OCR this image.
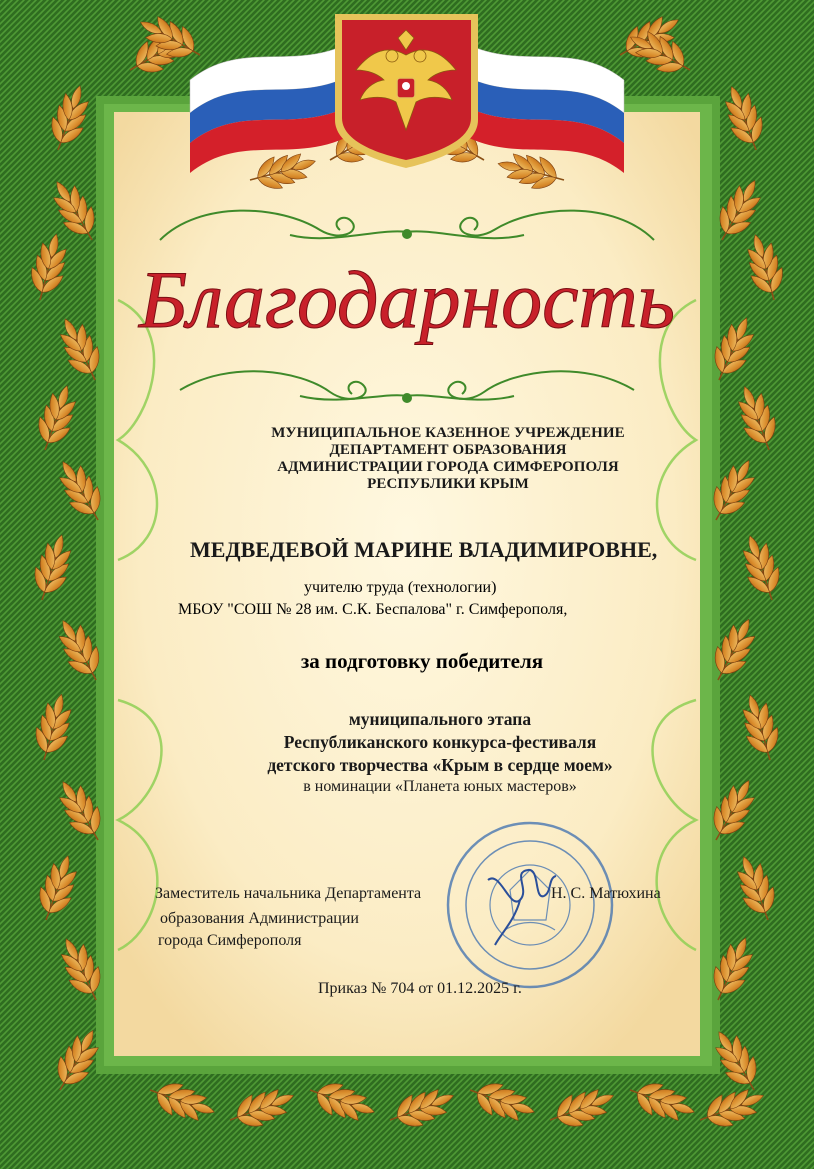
Благодарность
МУНИЦИПАЛЬНОЕ КАЗЕННОЕ УЧРЕЖДЕНИЕ
ДЕПАРТАМЕНТ ОБРАЗОВАНИЯ
АДМИНИСТРАЦИИ ГОРОДА СИМФЕРОПОЛЯ
РЕСПУБЛИКИ КРЫМ
МЕДВЕДЕВОЙ МАРИНЕ ВЛАДИМИРОВНЕ,
учителю труда (технологии)
МБОУ "СОШ № 28 им. С.К. Беспалова" г. Симферополя,
за подготовку победителя
муниципального этапа
Республиканского конкурса-фестиваля
детского творчества «Крым в сердце моем»
в номинации «Планета юных мастеров»
Заместитель начальника Департамента
образования Администрации
города Симферополя
Н. С. Матюхина
Приказ № 704 от 01.12.2025 г.
